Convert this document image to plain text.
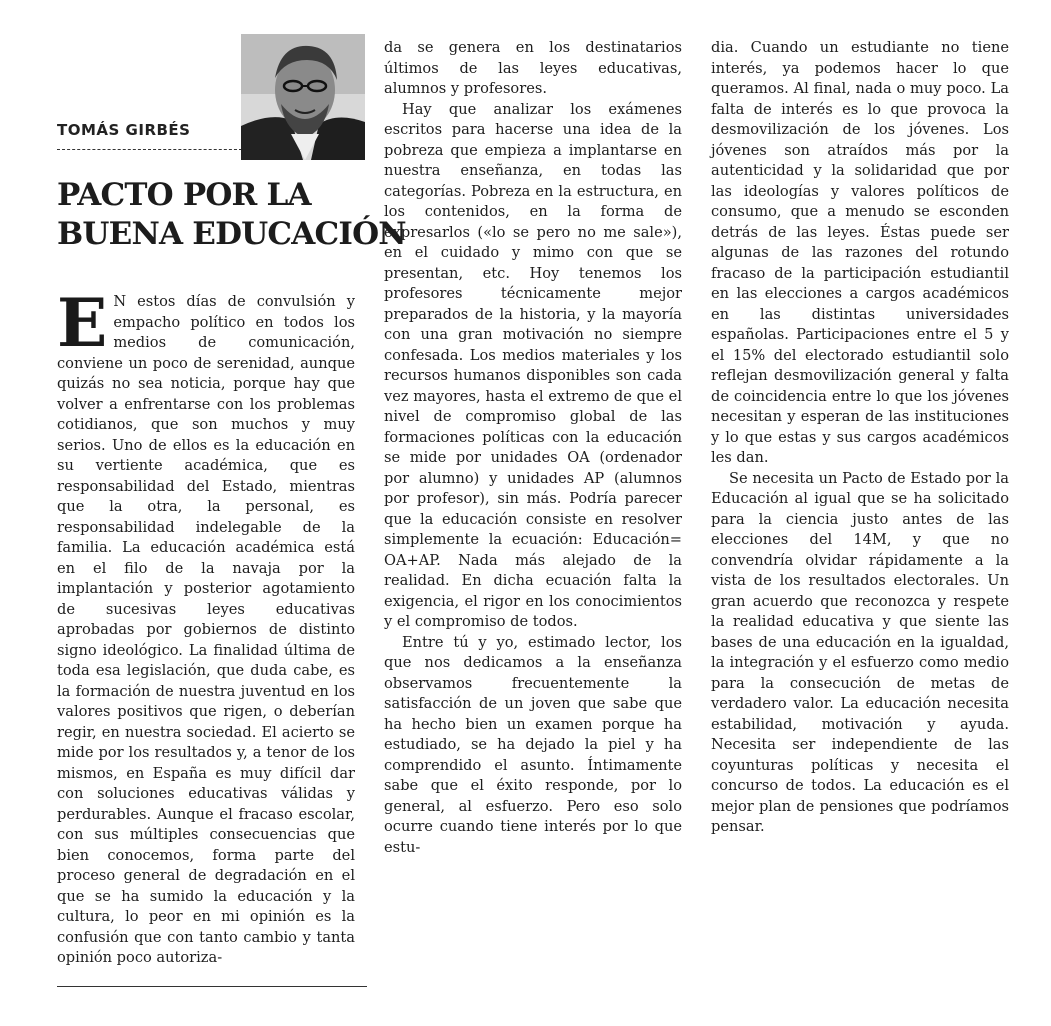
TOMÁS GIRBÉS
PACTO POR LA
BUENA EDUCACIÓN

E N estos días de convulsión y empacho político en todos los medios de comunicación, conviene un poco de serenidad, aunque quizás no sea noticia, porque hay que volver a enfrentarse con los problemas cotidianos, que son muchos y muy serios. Uno de ellos es la educación en su vertiente académica, que es responsabilidad del Estado, mientras que la otra, la personal, es responsabilidad indelegable de la familia. La educación académica está en el filo de la navaja por la implantación y posterior agotamiento de sucesivas leyes educativas aprobadas por gobiernos de distinto signo ideológico. La finalidad última de toda esa legislación, que duda cabe, es la formación de nuestra juventud en los valores positivos que rigen, o deberían regir, en nuestra sociedad. El acierto se mide por los resultados y, a tenor de los mismos, en España es muy difícil dar con soluciones educativas válidas y perdurables. Aunque el fracaso escolar, con sus múltiples consecuencias que bien conocemos, forma parte del proceso general de degradación en el que se ha sumido la educación y la cultura, lo peor en mi opinión es la confusión que con tanto cambio y tanta opinión poco autoriza-

da se genera en los destinatarios últimos de las leyes educativas, alumnos y profesores.

Hay que analizar los exámenes escritos para hacerse una idea de la pobreza que empieza a implantarse en nuestra enseñanza, en todas las categorías. Pobreza en la estructura, en los contenidos, en la forma de expresarlos («lo se pero no me sale»), en el cuidado y mimo con que se presentan, etc. Hoy tenemos los profesores técnicamente mejor preparados de la historia, y la mayoría con una gran motivación no siempre confesada. Los medios materiales y los recursos humanos disponibles son cada vez mayores, hasta el extremo de que el nivel de compromiso global de las formaciones políticas con la educación se mide por unidades OA (ordenador por alumno) y unidades AP (alumnos por profesor), sin más. Podría parecer que la educación consiste en resolver simplemente la ecuación: Educación= OA+AP. Nada más alejado de la realidad. En dicha ecuación falta la exigencia, el rigor en los conocimientos y el compromiso de todos.

Entre tú y yo, estimado lector, los que nos dedicamos a la enseñanza observamos frecuentemente la satisfacción de un joven que sabe que ha hecho bien un examen porque ha estudiado, se ha dejado la piel y ha comprendido el asunto. Íntimamente sabe que el éxito responde, por lo general, al esfuerzo. Pero eso solo ocurre cuando tiene interés por lo que estu-

dia. Cuando un estudiante no tiene interés, ya podemos hacer lo que queramos. Al final, nada o muy poco. La falta de interés es lo que provoca la desmovilización de los jóvenes. Los jóvenes son atraídos más por la autenticidad y la solidaridad que por las ideologías y valores políticos de consumo, que a menudo se esconden detrás de las leyes. Éstas puede ser algunas de las razones del rotundo fracaso de la participación estudiantil en las elecciones a cargos académicos en las distintas universidades españolas. Participaciones entre el 5 y el 15% del electorado estudiantil solo reflejan desmovilización general y falta de coincidencia entre lo que los jóvenes necesitan y esperan de las instituciones y lo que estas y sus cargos académicos les dan.

Se necesita un Pacto de Estado por la Educación al igual que se ha solicitado para la ciencia justo antes de las elecciones del 14M, y que no convendría olvidar rápidamente a la vista de los resultados electorales. Un gran acuerdo que reconozca y respete la realidad educativa y que siente las bases de una educación en la igualdad, la integración y el esfuerzo como medio para la consecución de metas de verdadero valor. La educación necesita estabilidad, motivación y ayuda. Necesita ser independiente de las coyunturas políticas y necesita el concurso de todos. La educación es el mejor plan de pensiones que podríamos pensar.
